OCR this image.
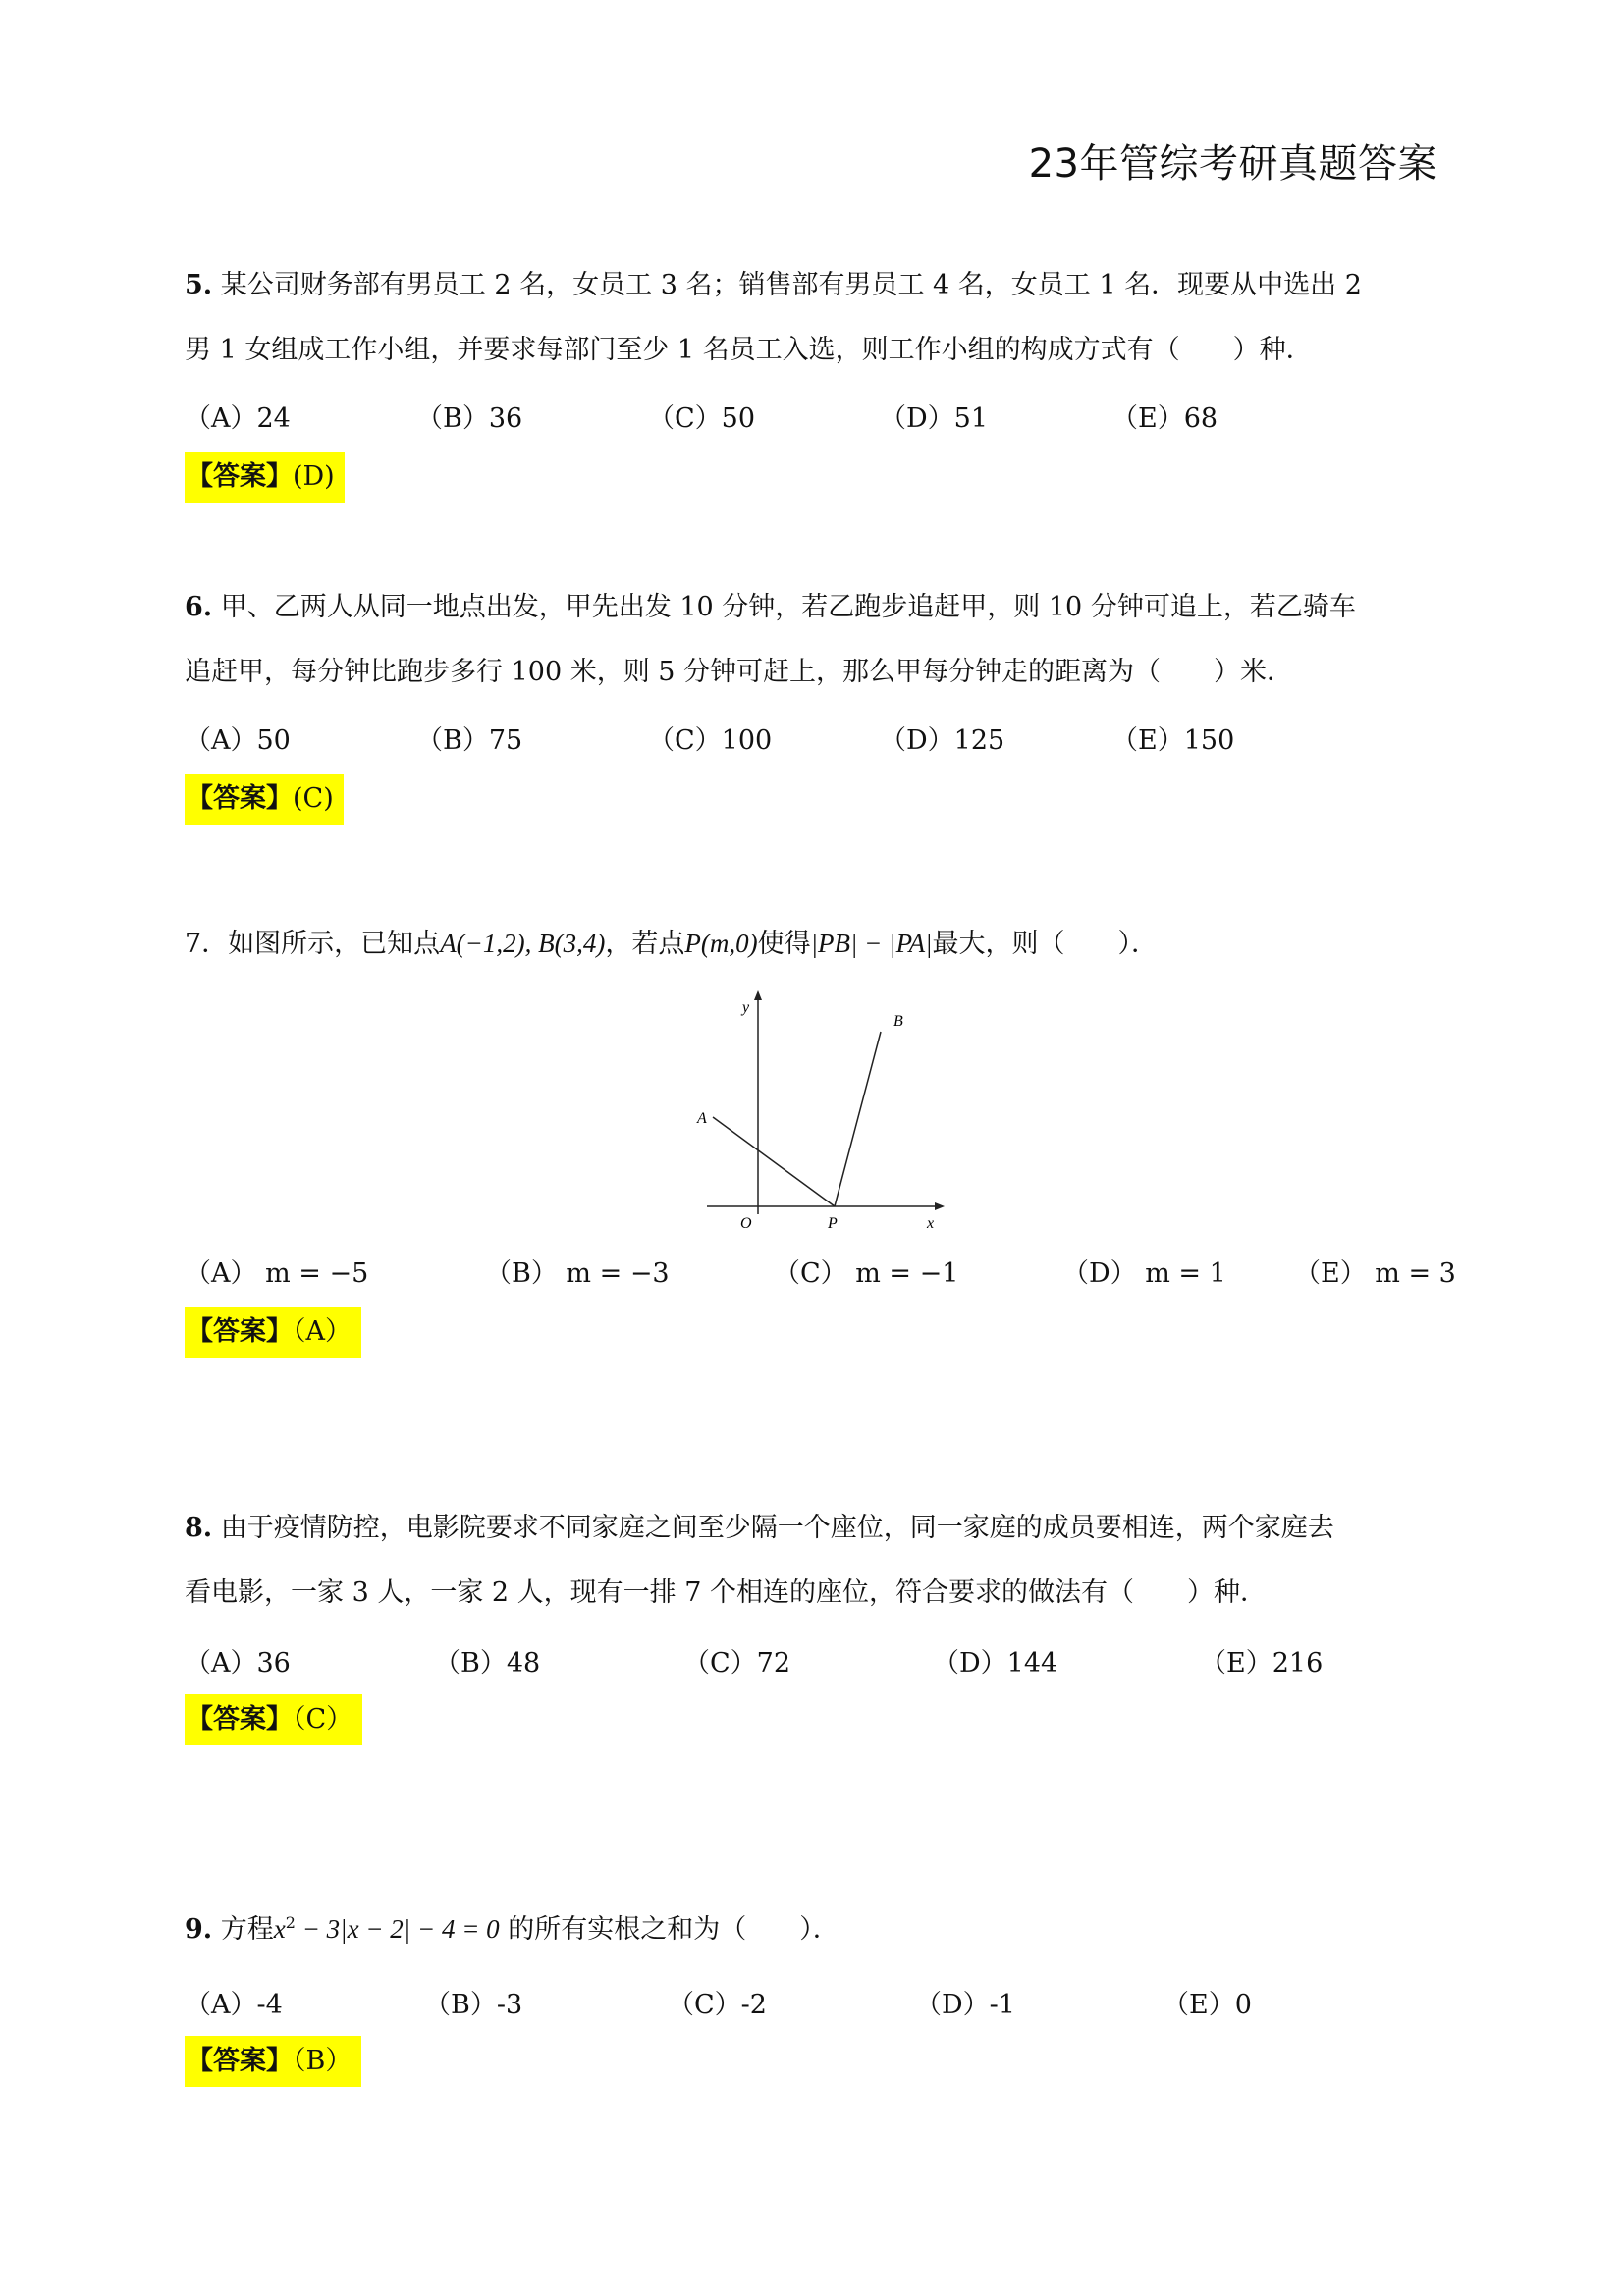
23年管综考研真题答案
5. 某公司财务部有男员工 2 名，女员工 3 名；销售部有男员工 4 名，女员工 1 名．现要从中选出 2
男 1 女组成工作小组，并要求每部门至少 1 名员工入选，则工作小组的构成方式有（　　）种．
（A）24	（B）36	（C）50	（D）51	（E）68
【答案】(D)
6. 甲、乙两人从同一地点出发，甲先出发 10 分钟，若乙跑步追赶甲，则 10 分钟可追上，若乙骑车
追赶甲，每分钟比跑步多行 100 米，则 5 分钟可赶上，那么甲每分钟走的距离为（　　）米．
（A）50	（B）75	（C）100	（D）125	（E）150
【答案】(C)
7．如图所示，已知点A(−1,2), B(3,4)，若点P(m,0)使得|PB| − |PA|最大，则（　　）．
y
x
O
A
B
P
（A） m = −5	（B） m = −3	（C） m = −1	（D） m = 1	（E） m = 3
【答案】（A）
8. 由于疫情防控，电影院要求不同家庭之间至少隔一个座位，同一家庭的成员要相连，两个家庭去
看电影，一家 3 人，一家 2 人，现有一排 7 个相连的座位，符合要求的做法有（　　）种．
（A）36	（B）48	（C）72	（D）144	（E）216
【答案】（C）
9. 方程$x^2 - 3|x - 2| - 4 = 0$ 的所有实根之和为（　　）．
（A）-4	（B）-3	（C）-2	（D）-1	（E）0
【答案】（B）
